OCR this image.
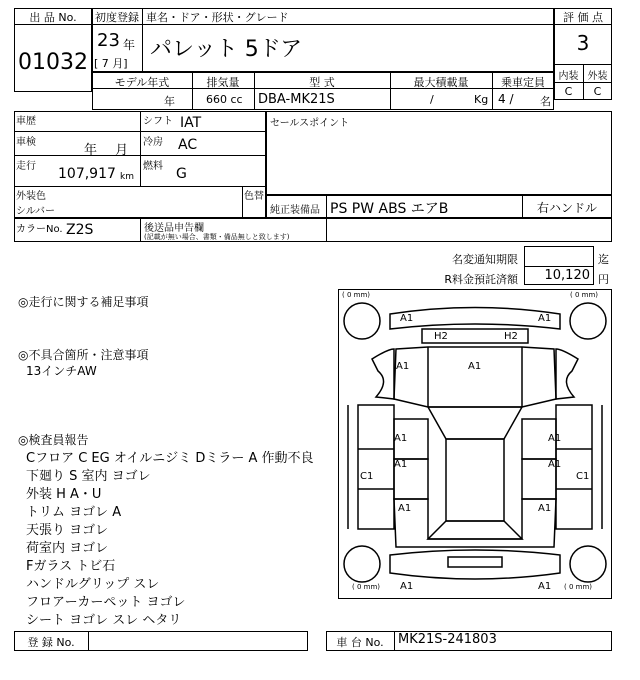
出 品 No.
01032
初度登録 車名・ドア・形状・グレード
23 年
[ 7 月]
パレット 5ドア
評 価 点
3
内装 外装
C	C
モデル年式	排気量	型 式	最大積載量	乗車定員
年	660 cc DBA-MK21S	/	Kg 4 / 名
車歴	シフト IAT
車検
年 月
冷房 AC
走行 107,917 km
燃料 G
外装色
シルバー
色替
セールスポイント
純正装備品 PS PW ABS エアB	右ハンドル
カラーNo. Z2S	後送品申告欄
(記載が無い場合、書類・備品無しと致します)
名変通知期限	迄
R料金預託済額	10,120 円
◎走行に関する補足事項
◎不具合箇所・注意事項
13インチAW
◎検査員報告
Cフロア C EG オイルニジミ Dミラー A 作動不良
下廻り S 室内 ヨゴレ
外装 H A・U
トリム ヨゴレ A
天張り ヨゴレ
荷室内 ヨゴレ
Fガラス トビ石
ハンドルグリップ スレ
フロアーカーペット ヨゴレ
シート ヨゴレ スレ ヘタリ
A1	A1
H2	H2
A1	A1
A1
A1
A1
A1
C1	C1
A1	A1
A1	A1
( 0 mm)	( 0 mm)
( 0 mm)	( 0 mm)
登 録 No.	車 台 No.	MK21S-241803
